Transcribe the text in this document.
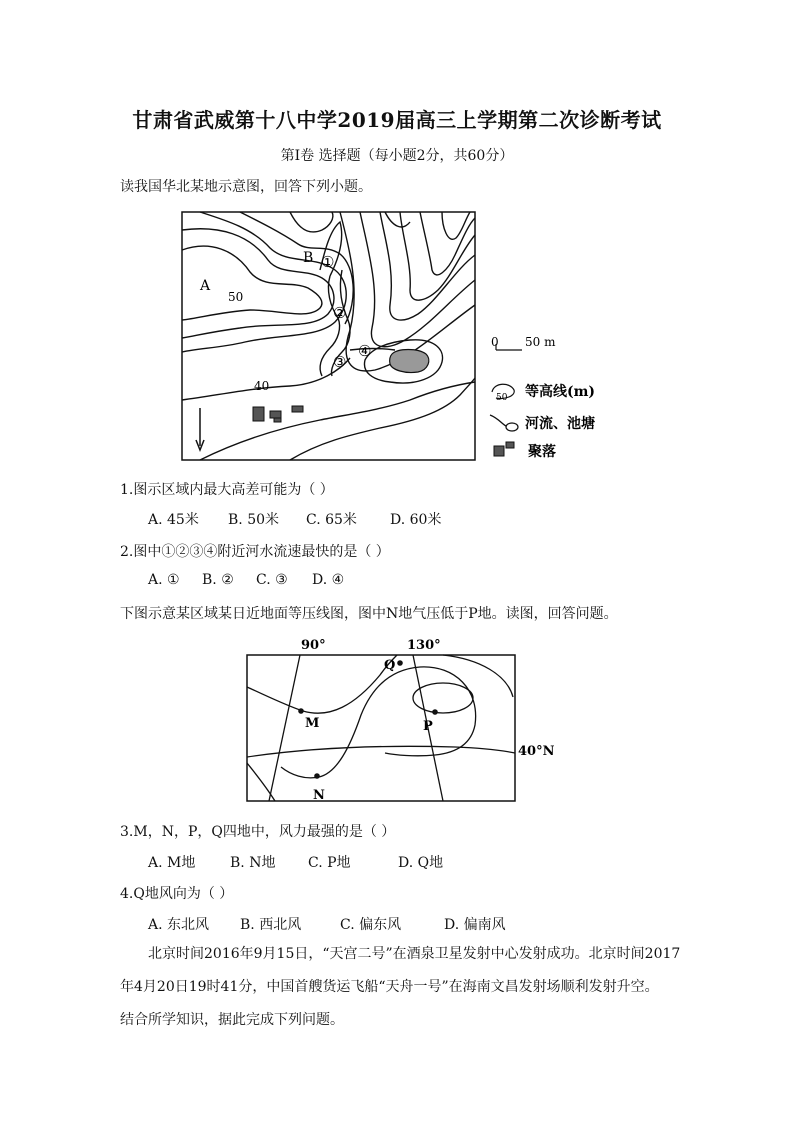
甘肃省武威第十八中学2019届高三上学期第二次诊断考试
第Ⅰ卷 选择题（每小题2分，共60分）
读我国华北某地示意图，回答下列小题。
A
B
50
40
①
②
③
④	0 50 m
50 等高线(m)
河流、池塘
聚落
1.图示区域内最大高差可能为（ ）
A. 45米 B. 50米 C. 65米 D. 60米
2.图中①②③④附近河水流速最快的是（ ）
A. ① B. ② C. ③ D. ④
下图示意某区域某日近地面等压线图，图中N地气压低于P地。读图，回答问题。
90°	130°
40°N
M
N
P
Q
3.M，N，P，Q四地中，风力最强的是（ ）
A. M地 B. N地 C. P地	D. Q地
4.Q地风向为（ ）
A. 东北风 B. 西北风	C. 偏东风	D. 偏南风
北京时间2016年9月15日，“天宫二号”在酒泉卫星发射中心发射成功。北京时间2017
年4月20日19时41分，中国首艘货运飞船“天舟一号”在海南文昌发射场顺利发射升空。
结合所学知识，据此完成下列问题。
